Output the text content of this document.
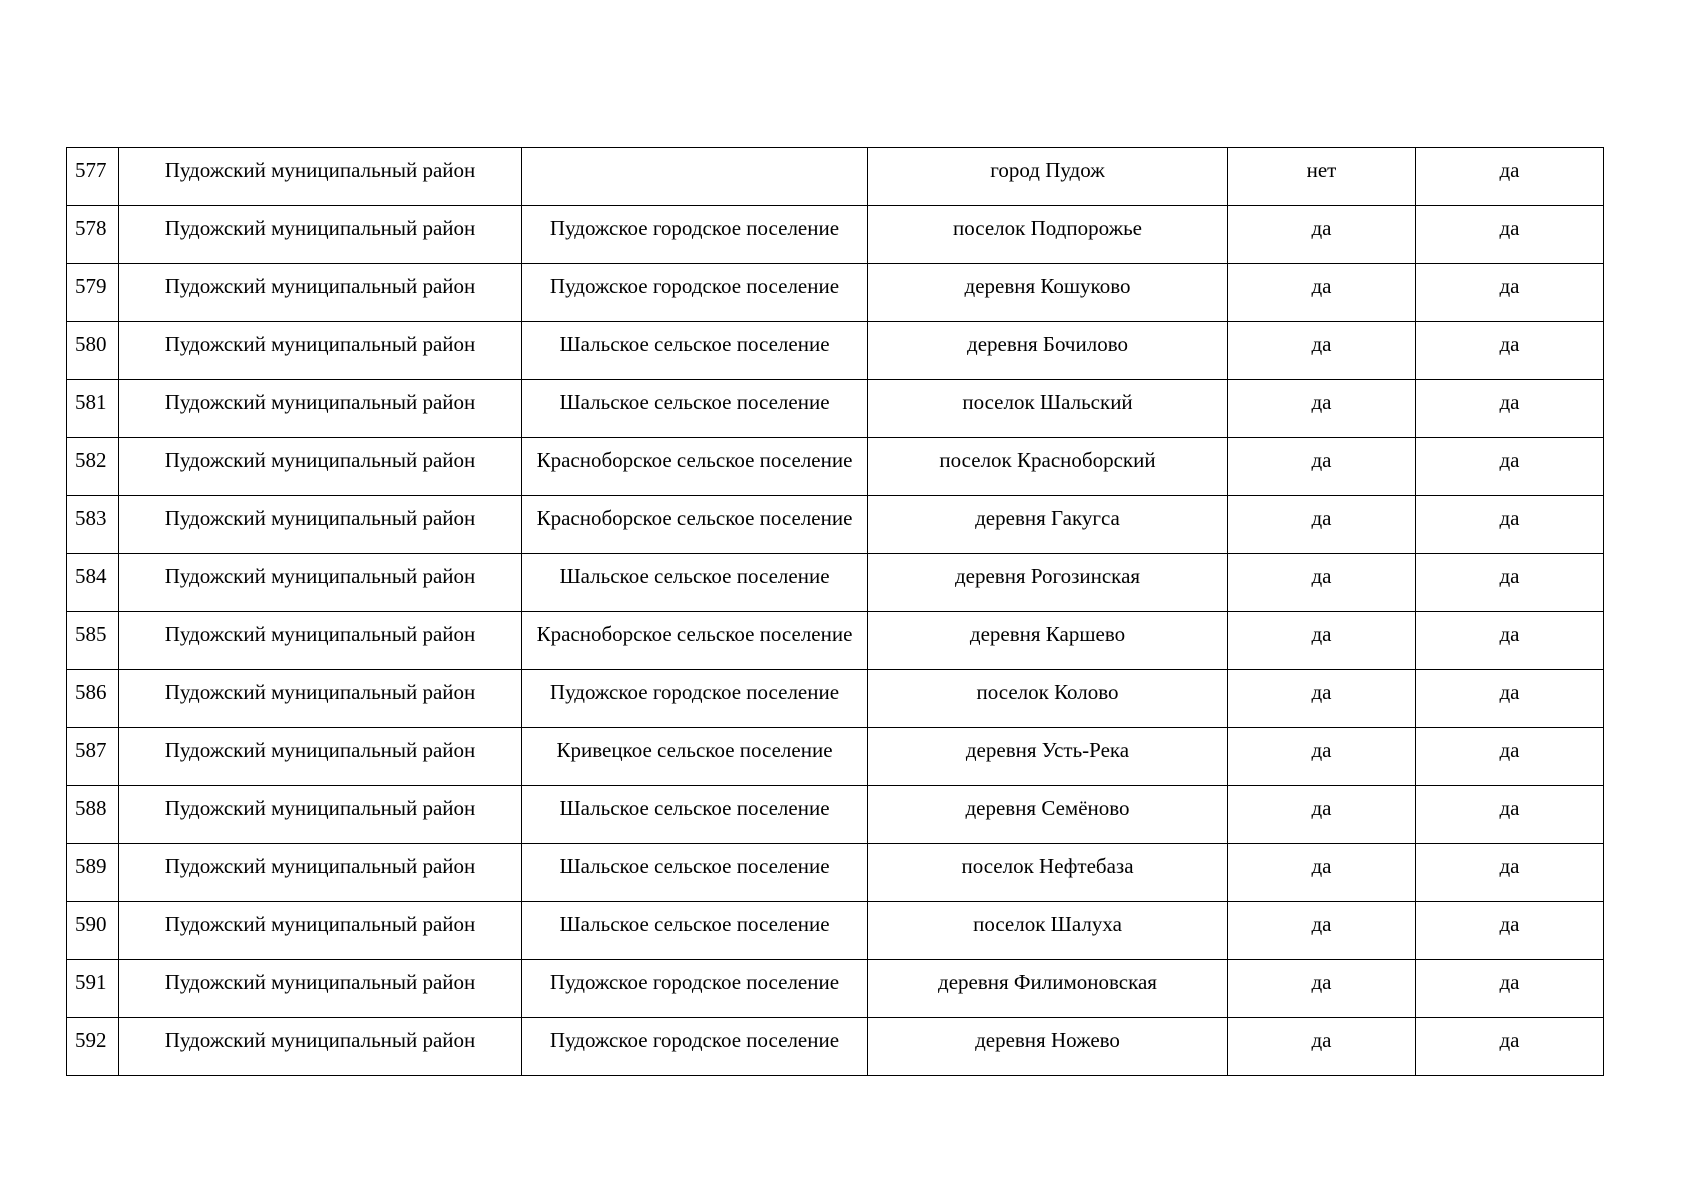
577	Пудожский муниципальный район		город Пудож	нет	да
578	Пудожский муниципальный район	Пудожское городское поселение	поселок Подпорожье	да	да
579	Пудожский муниципальный район	Пудожское городское поселение	деревня Кошуково	да	да
580	Пудожский муниципальный район	Шальское сельское поселение	деревня Бочилово	да	да
581	Пудожский муниципальный район	Шальское сельское поселение	поселок Шальский	да	да
582	Пудожский муниципальный район	Красноборское сельское поселение	поселок Красноборский	да	да
583	Пудожский муниципальный район	Красноборское сельское поселение	деревня Гакугса	да	да
584	Пудожский муниципальный район	Шальское сельское поселение	деревня Рогозинская	да	да
585	Пудожский муниципальный район	Красноборское сельское поселение	деревня Каршево	да	да
586	Пудожский муниципальный район	Пудожское городское поселение	поселок Колово	да	да
587	Пудожский муниципальный район	Кривецкое сельское поселение	деревня Усть-Река	да	да
588	Пудожский муниципальный район	Шальское сельское поселение	деревня Семёново	да	да
589	Пудожский муниципальный район	Шальское сельское поселение	поселок Нефтебаза	да	да
590	Пудожский муниципальный район	Шальское сельское поселение	поселок Шалуха	да	да
591	Пудожский муниципальный район	Пудожское городское поселение	деревня Филимоновская	да	да
592	Пудожский муниципальный район	Пудожское городское поселение	деревня Ножево	да	да
